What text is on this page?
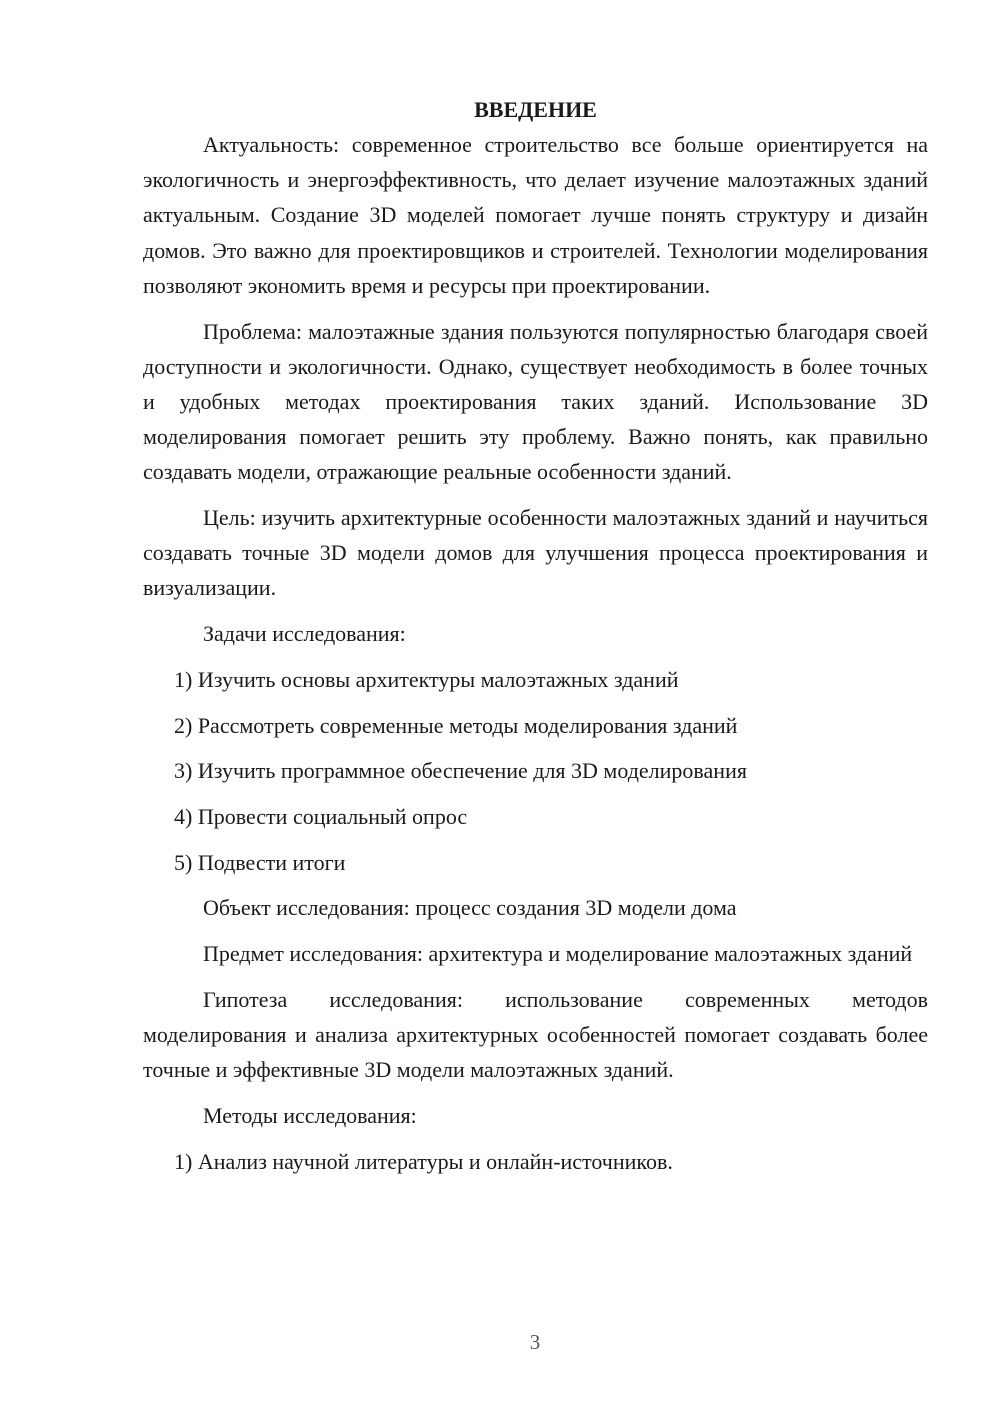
ВВЕДЕНИЕ

Актуальность: современное строительство все больше ориентируется на экологичность и энергоэффективность, что делает изучение малоэтажных зданий актуальным. Создание 3D моделей помогает лучше понять структуру и дизайн домов. Это важно для проектировщиков и строителей. Технологии моделирования позволяют экономить время и ресурсы при проектировании.

Проблема: малоэтажные здания пользуются популярностью благодаря своей доступности и экологичности. Однако, существует необходимость в более точных и удобных методах проектирования таких зданий. Использование 3D моделирования помогает решить эту проблему. Важно понять, как правильно создавать модели, отражающие реальные особенности зданий.

Цель: изучить архитектурные особенности малоэтажных зданий и научиться создавать точные 3D модели домов для улучшения процесса проектирования и визуализации.

Задачи исследования:

1) Изучить основы архитектуры малоэтажных зданий
2) Рассмотреть современные методы моделирования зданий
3) Изучить программное обеспечение для 3D моделирования
4) Провести социальный опрос
5) Подвести итоги

Объект исследования: процесс создания 3D модели дома

Предмет исследования: архитектура и моделирование малоэтажных зданий

Гипотеза исследования: использование современных методов моделирования и анализа архитектурных особенностей помогает создавать более точные и эффективные 3D модели малоэтажных зданий.

Методы исследования:

1) Анализ научной литературы и онлайн-источников.
3
